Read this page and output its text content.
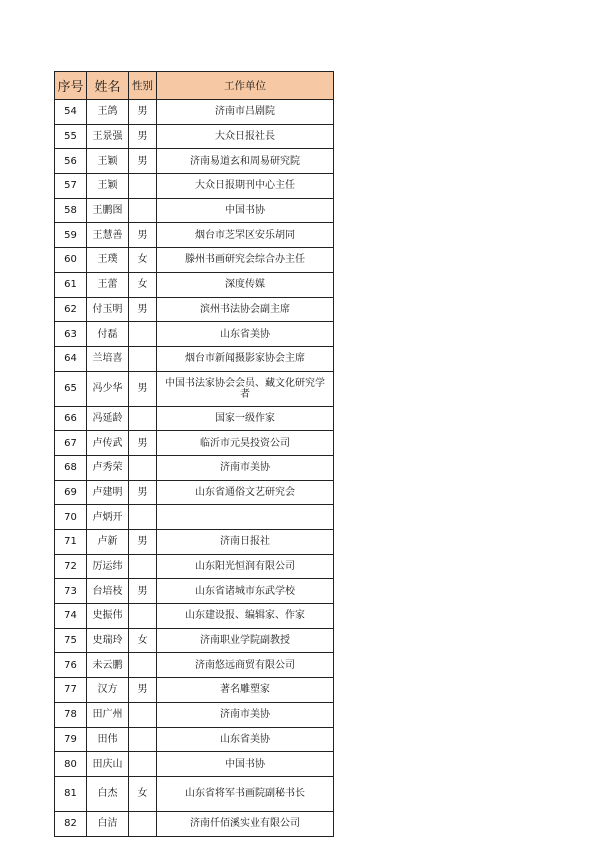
序号	姓名	性别	工作单位
54	王鸽	男	济南市吕剧院
55	王景强	男	大众日报社長
56	王颖	男	济南易道玄和周易研究院
57	王颖		大众日报期刊中心主任
58	王鹏图		中国书协
59	王慧善	男	烟台市芝罘区安乐胡同
60	王璞	女	滕州书画研究会综合办主任
61	王蕾	女	深度传媒
62	付玉明	男	滨州书法协会副主席
63	付磊		山东省美协
64	兰培喜		烟台市新闻摄影家协会主席
65	冯少华	男	中国书法家协会会员、藏文化研究学者
66	冯延龄		国家一级作家
67	卢传武	男	临沂市元昊投资公司
68	卢秀荣		济南市美协
69	卢建明	男	山东省通俗文艺研究会
70	卢炳开		
71	卢新	男	济南日报社
72	厉运纬		山东阳光恒润有限公司
73	台培枝	男	山东省诸城市东武学校
74	史振伟		山东建设报、编辑家、作家
75	史瑞玲	女	济南职业学院副教授
76	未云鹏		济南悠远商贸有限公司
77	汉方	男	著名雕塑家
78	田广州		济南市美协
79	田伟		山东省美协
80	田庆山		中国书协
81	白杰	女	山东省将军书画院副秘书长
82	白洁		济南仟佰溪实业有限公司
